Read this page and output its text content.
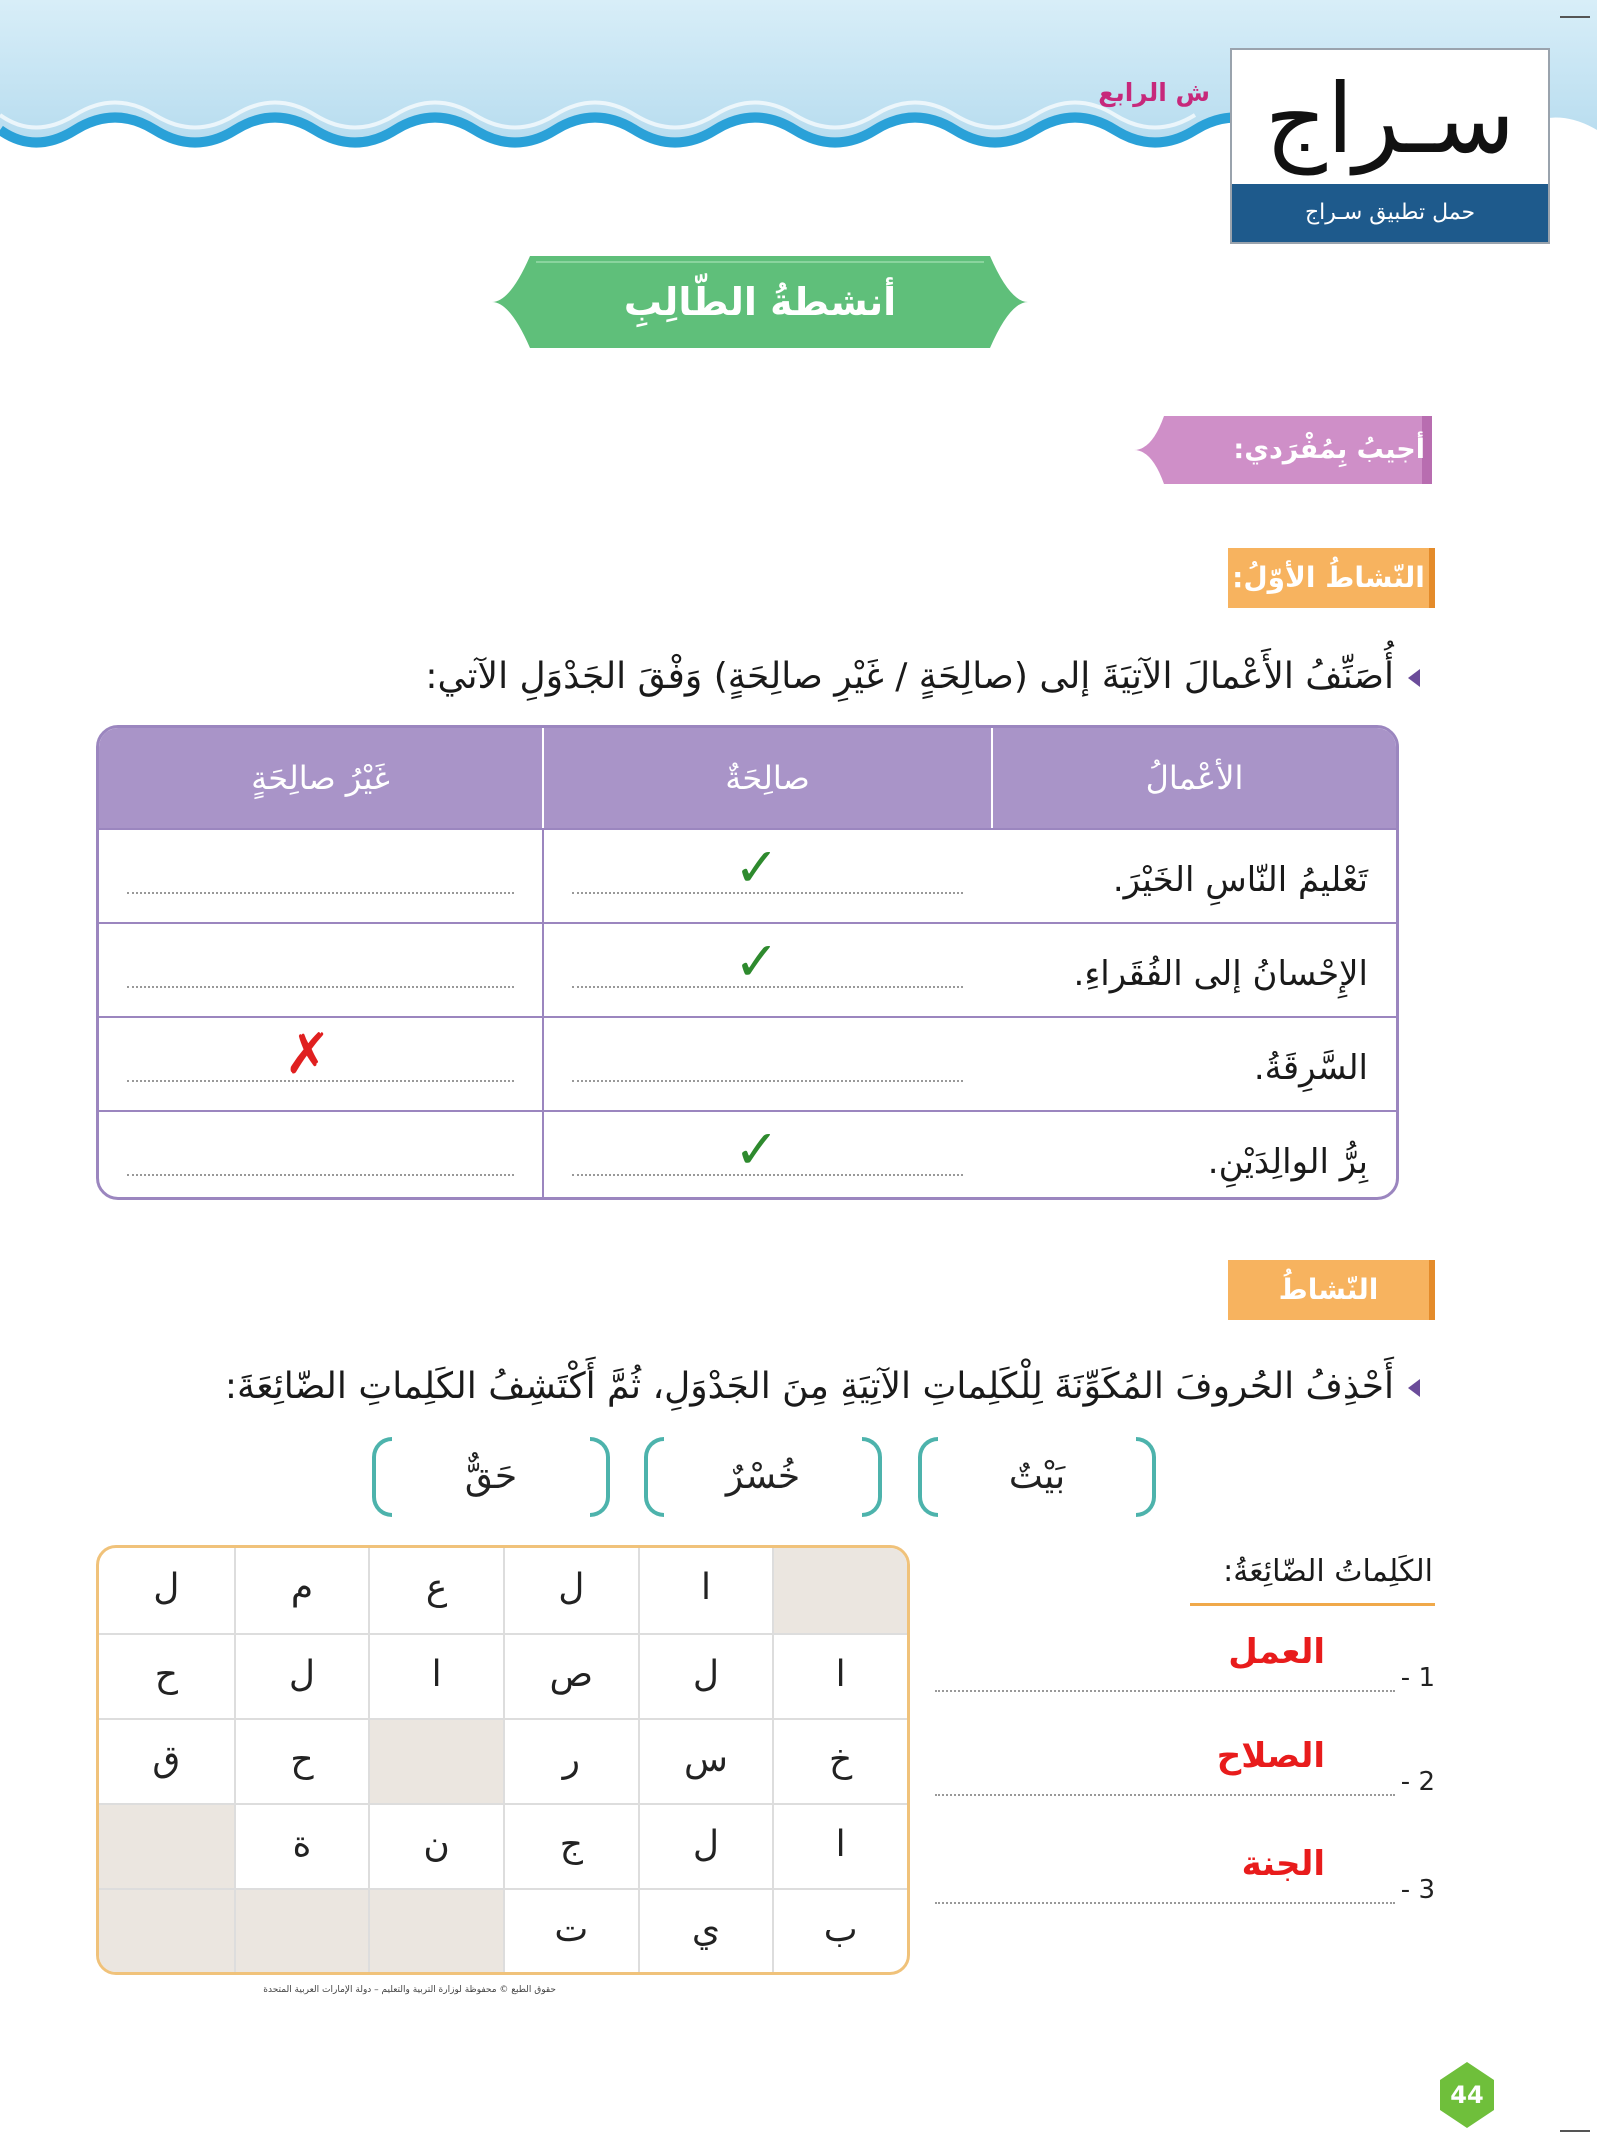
ش الرابع سـراج
حمل تطبيق سـراج
أنشطةُ الطّالِبِ
أجيبُ بِمُفْرَدي:
النّشاطُ الأوّلُ:
أُصَنِّفُ الأَعْمالَ الآتِيَةَ إلى (صالِحَةٍ / غَيْرِ صالِحَةٍ) وَفْقَ الجَدْوَلِ الآتي:
الأعْمالُ
صالِحَةٌ
غَيْرُ صالِحَةٍ
تَعْليمُ النّاسِ الخَيْرَ.
✓
الإِحْسانُ إلى الفُقَراءِ.
✓
السَّرِقَةُ.
✗
بِرُّ الوالِدَيْنِ.
✓
النّشاطُ الثّاني:
أَحْذِفُ الحُروفَ المُكَوِّنَةَ لِلْكَلِماتِ الآتِيَةِ مِنَ الجَدْوَلِ، ثُمَّ أَكْتَشِفُ الكَلِماتِ الضّائِعَةَ:
بَيْتٌ
خُسْرٌ
حَقٌّ
ا
ل
ع
م
ل
ا
ل
ص
ا
ل
ح
خ
س
ر
ح
ق
ا
ل
ج
ن
ة
ب
ي
ت
الكَلِماتُ الضّائِعَةُ:
1 -
العمل
2 -
الصلاح
3 -
الجنة
حقوق الطبع © محفوظة لوزارة التربية والتعليم – دولة الإمارات العربية المتحدة
44
